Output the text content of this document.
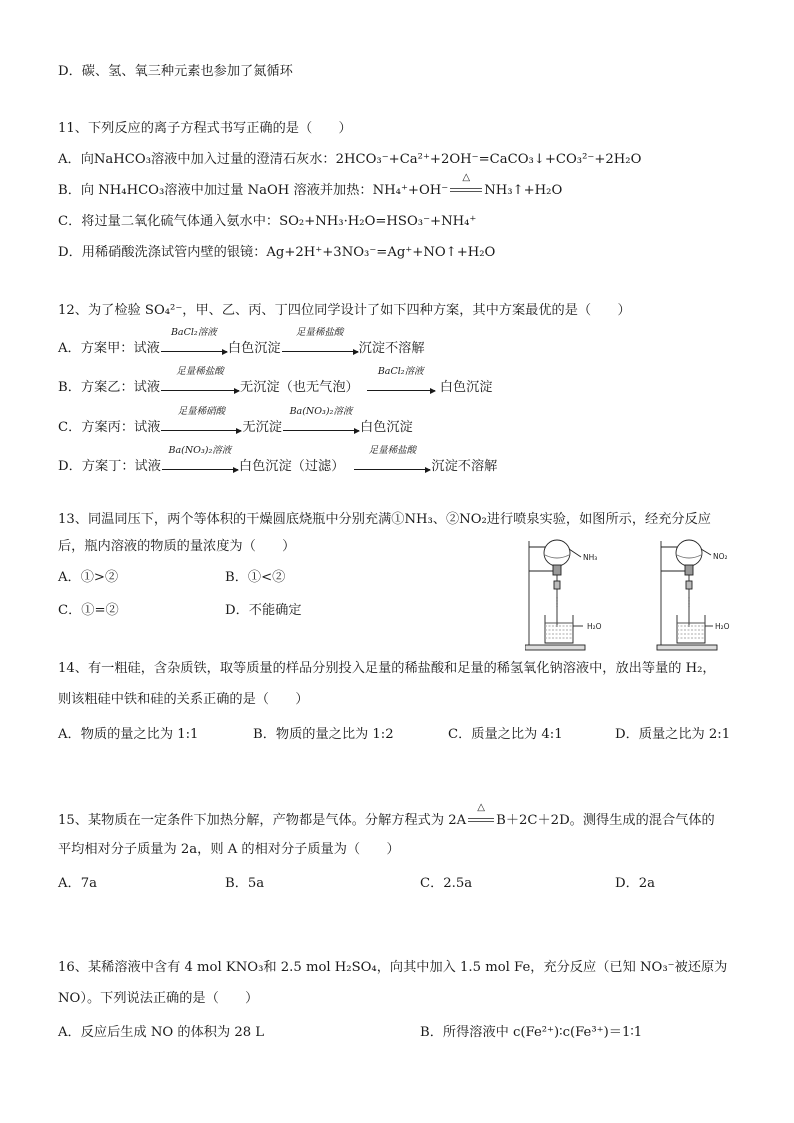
D．碳、氢、氧三种元素也参加了氮循环
11、下列反应的离子方程式书写正确的是（　　）
A．向NaHCO₃溶液中加入过量的澄清石灰水：2HCO₃⁻+Ca²⁺+2OH⁻=CaCO₃↓+CO₃²⁻+2H₂O
B．向 NH₄HCO₃溶液中加过量 NaOH 溶液并加热：NH₄⁺+OH⁻
△
NH₃↑+H₂O
C．将过量二氧化硫气体通入氨水中：SO₂+NH₃·H₂O=HSO₃⁻+NH₄⁺
D．用稀硝酸洗涤试管内壁的银镜：Ag+2H⁺+3NO₃⁻=Ag⁺+NO↑+H₂O
12、为了检验 SO₄²⁻，甲、乙、丙、丁四位同学设计了如下四种方案，其中方案最优的是（　　）
A．方案甲：试液
BaCl₂溶液
白色沉淀
足量稀盐酸
沉淀不溶解
B．方案乙：试液
足量稀盐酸
无沉淀（也无气泡）
BaCl₂溶液
白色沉淀
C．方案丙：试液
足量稀硝酸
无沉淀
Ba(NO₃)₂溶液
白色沉淀
D．方案丁：试液
Ba(NO₃)₂溶液
白色沉淀（过滤）
足量稀盐酸
沉淀不溶解
13、同温同压下，两个等体积的干燥圆底烧瓶中分别充满①NH₃、②NO₂进行喷泉实验，如图所示，经充分反应
后，瓶内溶液的物质的量浓度为（　　）
A．①>②	B．①<②
C．①=②	D．不能确定
NH₃
H₂O
NO₂
H₂O
14、有一粗硅，含杂质铁，取等质量的样品分别投入足量的稀盐酸和足量的稀氢氧化钠溶液中，放出等量的 H₂，
则该粗硅中铁和硅的关系正确的是（　　）
A．物质的量之比为 1:1	B．物质的量之比为 1:2	C．质量之比为 4:1	D．质量之比为 2:1
15、某物质在一定条件下加热分解，产物都是气体。分解方程式为 2A
△
B＋2C＋2D。测得生成的混合气体的
平均相对分子质量为 2a，则 A 的相对分子质量为（　　）
A．7a	B．5a	C．2.5a	D．2a
16、某稀溶液中含有 4 mol KNO₃和 2.5 mol H₂SO₄，向其中加入 1.5 mol Fe，充分反应（已知 NO₃⁻被还原为
NO）。下列说法正确的是（　　）
A．反应后生成 NO 的体积为 28 L	B．所得溶液中 c(Fe²⁺)∶c(Fe³⁺)＝1∶1
